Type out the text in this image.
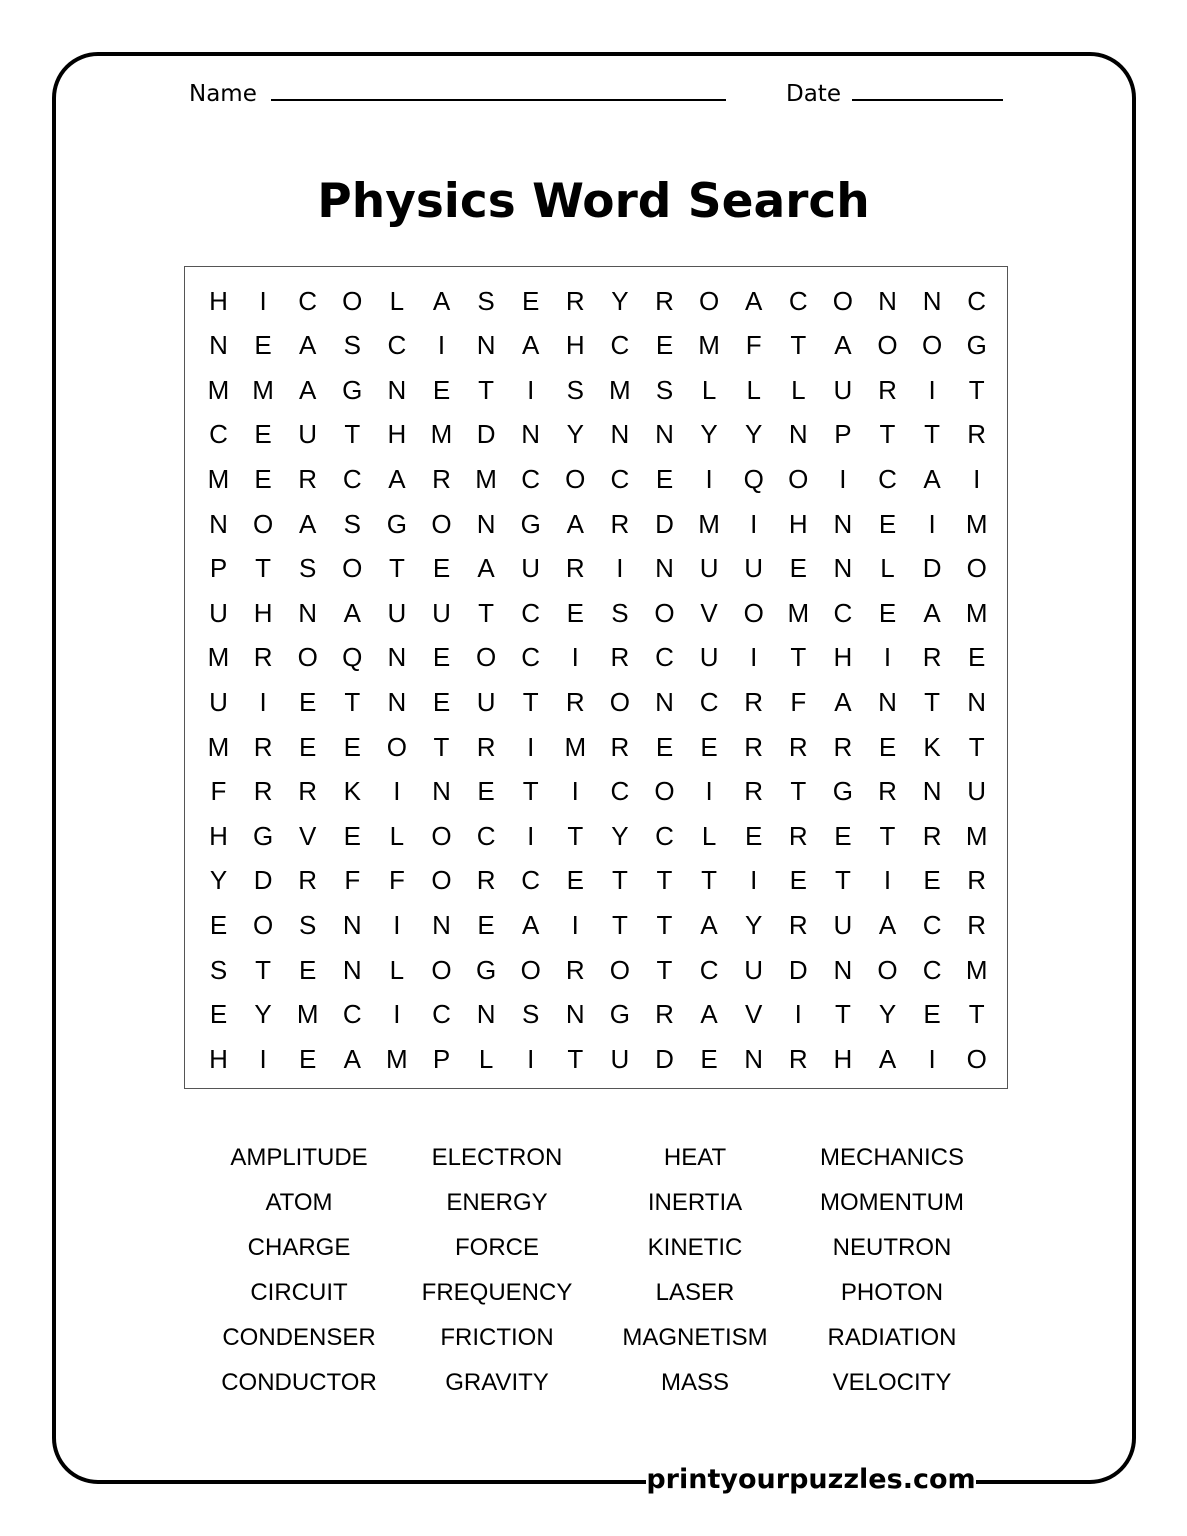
printyourpuzzles.com
Name	Date
Physics Word Search
H	I	C O	L	A	S	E	R	Y	R O A	C O N N C
N	E	A	S	C	I	N	A	H C	E M F	T	A O O G
M M A G N	E	T	I	S M S	L	L	L	U R	I	T
C	E	U	T	H M D N	Y	N N	Y	Y	N	P	T	T	R
M E	R C	A	R M C O C	E	I	Q O	I	C	A	I
N O A	S G O N G A	R D M	I	H N	E	I	M
P	T	S O	T	E	A	U R	I	N U U	E	N	L	D O
U H N	A	U U	T	C	E	S O V O M C	E	A M
M R O Q N	E O C	I	R C U	I	T	H	I	R	E
U	I	E	T	N	E	U	T	R O N C R	F	A	N	T	N
M R	E	E O	T	R	I	M R	E	E	R R R	E	K	T
F	R R	K	I	N	E	T	I	C O	I	R	T	G R N U
H G V	E	L	O C	I	T	Y	C	L	E	R	E	T	R M
Y	D R	F	F	O R C	E	T	T	T	I	E	T	I	E	R
E O S	N	I	N	E	A	I	T	T	A	Y	R U	A	C R
S	T	E	N	L	O G O R O	T	C U D N O C M
E	Y M C	I	C N	S	N G R	A	V	I	T	Y	E	T
H	I	E	A M P	L	I	T	U D	E	N R H	A	I	O
AMPLITUDE	ELECTRON	HEAT	MECHANICS
ATOM	ENERGY	INERTIA	MOMENTUM
CHARGE	FORCE	KINETIC	NEUTRON
CIRCUIT	FREQUENCY	LASER	PHOTON
CONDENSER	FRICTION	MAGNETISM	RADIATION
CONDUCTOR	GRAVITY	MASS	VELOCITY
